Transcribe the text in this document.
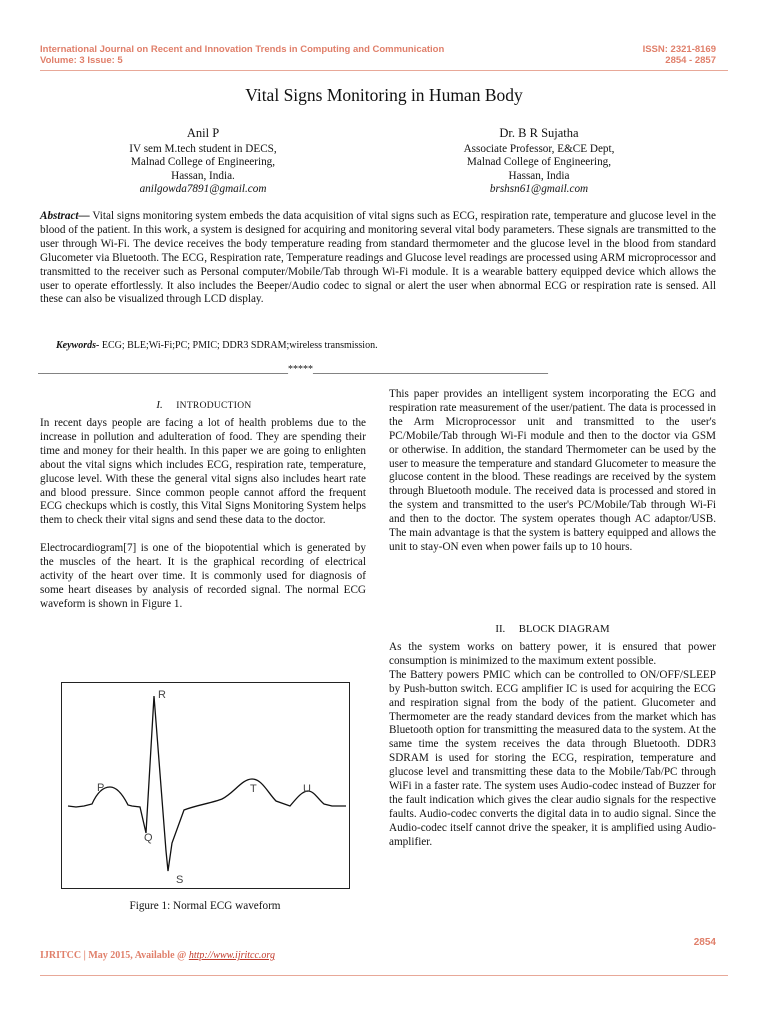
International Journal on Recent and Innovation Trends in Computing and Communication
Volume: 3 Issue: 5
ISSN: 2321-8169
2854 - 2857
Vital Signs Monitoring in Human Body
Anil P
IV sem M.tech student in DECS,
Malnad College of Engineering,
Hassan, India.
anilgowda7891@gmail.com
Dr. B R Sujatha
Associate Professor, E&CE Dept,
Malnad College of Engineering,
Hassan, India
brshsn61@gmail.com
Abstract— Vital signs monitoring system embeds the data acquisition of vital signs such as ECG, respiration rate, temperature and glucose level in the blood of the patient. In this work, a system is designed for acquiring and monitoring several vital body parameters. These signals are transmitted to the user through Wi-Fi. The device receives the body temperature reading from standard thermometer and the glucose level in the blood from standard Glucometer via Bluetooth. The ECG, Respiration rate, Temperature readings and Glucose level readings are processed using ARM microprocessor and transmitted to the receiver such as Personal computer/Mobile/Tab through Wi-Fi module. It is a wearable battery equipped device which allows the user to operate effortlessly. It also includes the Beeper/Audio codec to signal or alert the user when abnormal ECG or respiration rate is sensed. All these can also be visualized through LCD display.
Keywords- ECG; BLE;Wi-Fi;PC; PMIC; DDR3 SDRAM;wireless transmission.
__________________________________________________*****_______________________________________________
I. INTRODUCTION

In recent days people are facing a lot of health problems due to the increase in pollution and adulteration of food. They are spending their time and money for their health. In this paper we are going to enlighten about the vital signs which includes ECG, respiration rate, temperature, glucose level. With these the general vital signs also includes heart rate and blood pressure. Since common people cannot afford the frequent ECG checkups which is costly, this Vital Signs Monitoring System helps them to check their vital signs and send these data to the doctor.

Electrocardiogram[7] is one of the biopotential which is generated by the muscles of the heart. It is the graphical recording of electrical activity of the heart over time. It is commonly used for diagnosis of some heart diseases by analysis of recorded signal. The normal ECG waveform is shown in Figure 1.

P
R
Q
S
T	U
Figure 1: Normal ECG waveform

This paper provides an intelligent system incorporating the ECG and respiration rate measurement of the user/patient. The data is processed in the Arm Microprocessor unit and transmitted to the user's PC/Mobile/Tab through Wi-Fi module and then to the doctor via GSM or otherwise. In addition, the standard Thermometer can be used by the user to measure the temperature and standard Glucometer to measure the glucose content in the blood. These readings are received by the system through Bluetooth module. The received data is processed and stored in the system and transmitted to the user's PC/Mobile/Tab through Wi-Fi and then to the doctor. The system operates though AC adaptor/USB. The main advantage is that the system is battery equipped and allows the unit to stay-ON even when power fails up to 10 hours.

II. BLOCK DIAGRAM

As the system works on battery power, it is ensured that power consumption is minimized to the maximum extent possible.

The Battery powers PMIC which can be controlled to ON/OFF/SLEEP by Push-button switch. ECG amplifier IC is used for acquiring the ECG and respiration signal from the body of the patient. Glucometer and Thermometer are the ready standard devices from the market which has Bluetooth option for transmitting the measured data to the system. At the same time the system receives the data through Bluetooth. DDR3 SDRAM is used for storing the ECG, respiration, temperature and glucose level and transmitting these data to the Mobile/Tab/PC through WiFi in a faster rate. The system uses Audio-codec instead of Buzzer for the fault indication which gives the clear audio signals for the respective faults. Audio-codec converts the digital data in to audio signal. Since the Audio-codec itself cannot drive the speaker, it is amplified using Audio-amplifier.

2854
IJRITCC | May 2015, Available @ http://www.ijritcc.org
